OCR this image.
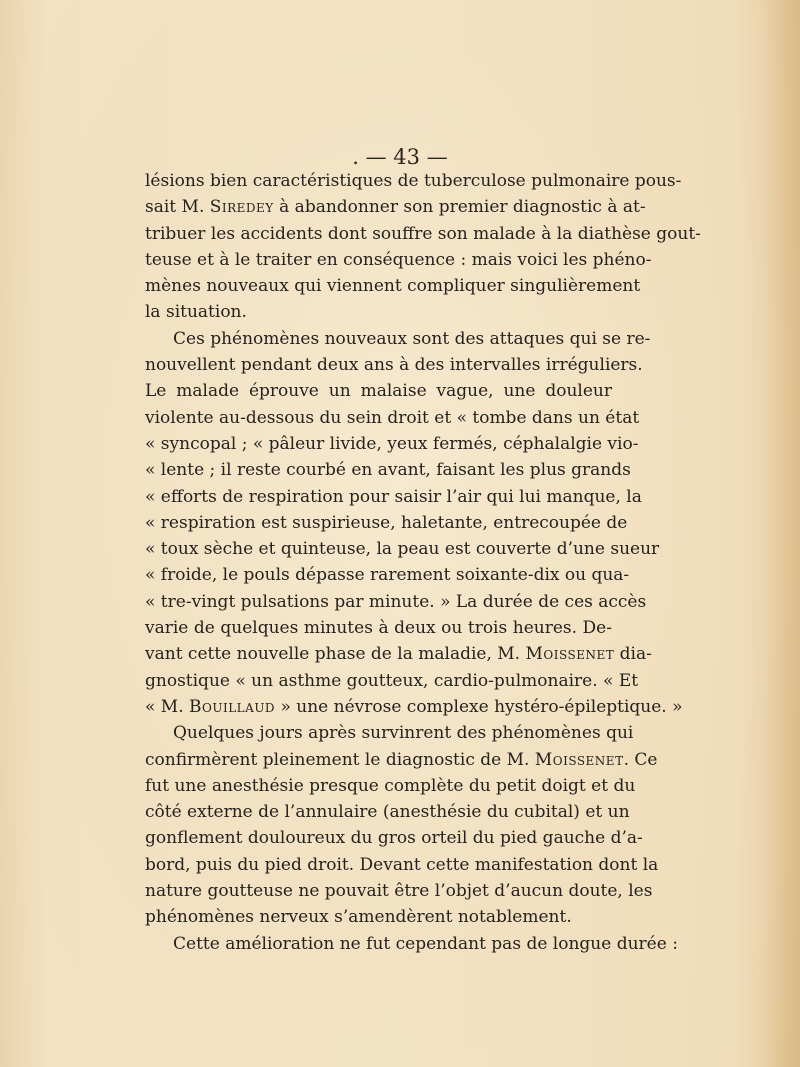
. — 43 —

lésions bien caractéristiques de tuberculose pulmonaire pous-
sait M. Siredey à abandonner son premier diagnostic à at-
tribuer les accidents dont souffre son malade à la diathèse gout-
teuse et à le traiter en conséquence : mais voici les phéno-
mènes nouveaux qui viennent compliquer singulièrement
la situation.
Ces phénomènes nouveaux sont des attaques qui se re-
nouvellent pendant deux ans à des intervalles irréguliers.
Le malade éprouve un malaise vague, une douleur
violente au-dessous du sein droit et « tombe dans un état
« syncopal ; « pâleur livide, yeux fermés, céphalalgie vio-
« lente ; il reste courbé en avant, faisant les plus grands
« efforts de respiration pour saisir l’air qui lui manque, la
« respiration est suspirieuse, haletante, entrecoupée de
« toux sèche et quinteuse, la peau est couverte d’une sueur
« froide, le pouls dépasse rarement soixante-dix ou qua-
« tre-vingt pulsations par minute. » La durée de ces accès
varie de quelques minutes à deux ou trois heures. De-
vant cette nouvelle phase de la maladie, M. Moissenet dia-
gnostique « un asthme goutteux, cardio-pulmonaire. « Et
« M. Bouillaud » une névrose complexe hystéro-épileptique. »
Quelques jours après survinrent des phénomènes qui
confirmèrent pleinement le diagnostic de M. Moissenet. Ce
fut une anesthésie presque complète du petit doigt et du
côté externe de l’annulaire (anesthésie du cubital) et un
gonflement douloureux du gros orteil du pied gauche d’a-
bord, puis du pied droit. Devant cette manifestation dont la
nature goutteuse ne pouvait être l’objet d’aucun doute, les
phénomènes nerveux s’amendèrent notablement.
Cette amélioration ne fut cependant pas de longue durée :
